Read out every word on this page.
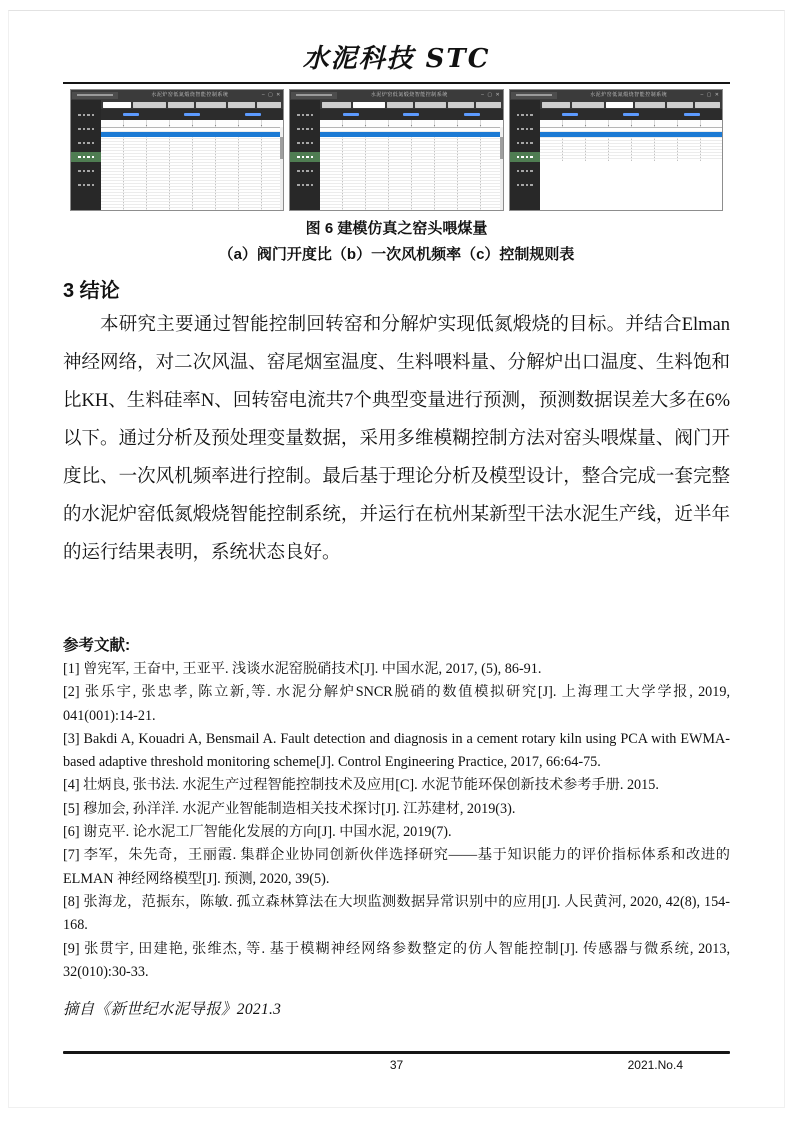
水泥科技 STC
水泥炉窑低氮煅烧智能控制系统	– ▢ ✕	水泥炉窑低氮煅烧智能控制系统	– ▢ ✕	水泥炉窑低氮煅烧智能控制系统	– ▢ ✕
图 6 建模仿真之窑头喂煤量
（a）阀门开度比（b）一次风机频率（c）控制规则表
3 结论

本研究主要通过智能控制回转窑和分解炉实现低氮煅烧的目标。并结合Elman神经网络，对二次风温、窑尾烟室温度、生料喂料量、分解炉出口温度、生料饱和比KH、生料硅率N、回转窑电流共7个典型变量进行预测，预测数据误差大多在6%以下。通过分析及预处理变量数据，采用多维模糊控制方法对窑头喂煤量、阀门开度比、一次风机频率进行控制。最后基于理论分析及模型设计，整合完成一套完整的水泥炉窑低氮煅烧智能控制系统，并运行在杭州某新型干法水泥生产线，近半年的运行结果表明，系统状态良好。

参考文献:
[1] 曾宪军, 王奋中, 王亚平. 浅谈水泥窑脱硝技术[J]. 中国水泥, 2017, (5), 86-91.
[2] 张乐宇, 张忠孝, 陈立新,等. 水泥分解炉SNCR脱硝的数值模拟研究[J]. 上海理工大学学报, 2019, 041(001):14-21.
[3] Bakdi A, Kouadri A, Bensmail A. Fault detection and diagnosis in a cement rotary kiln using PCA with EWMA-based adaptive threshold monitoring scheme[J]. Control Engineering Practice, 2017, 66:64-75.
[4] 壮炳良, 张书法. 水泥生产过程智能控制技术及应用[C]. 水泥节能环保创新技术参考手册. 2015.
[5] 穆加会, 孙洋洋. 水泥产业智能制造相关技术探讨[J]. 江苏建材, 2019(3).
[6] 谢克平. 论水泥工厂智能化发展的方向[J]. 中国水泥, 2019(7).
[7] 李军，朱先奇，王丽霞. 集群企业协同创新伙伴选择研究——基于知识能力的评价指标体系和改进的ELMAN 神经网络模型[J]. 预测, 2020, 39(5).
[8] 张海龙，范振东，陈敏. 孤立森林算法在大坝监测数据异常识别中的应用[J]. 人民黄河, 2020, 42(8), 154-168.
[9] 张贯宇, 田建艳, 张维杰, 等. 基于模糊神经网络参数整定的仿人智能控制[J]. 传感器与微系统, 2013, 32(010):30-33.
摘自《新世纪水泥导报》2021.3
37	2021.No.4
